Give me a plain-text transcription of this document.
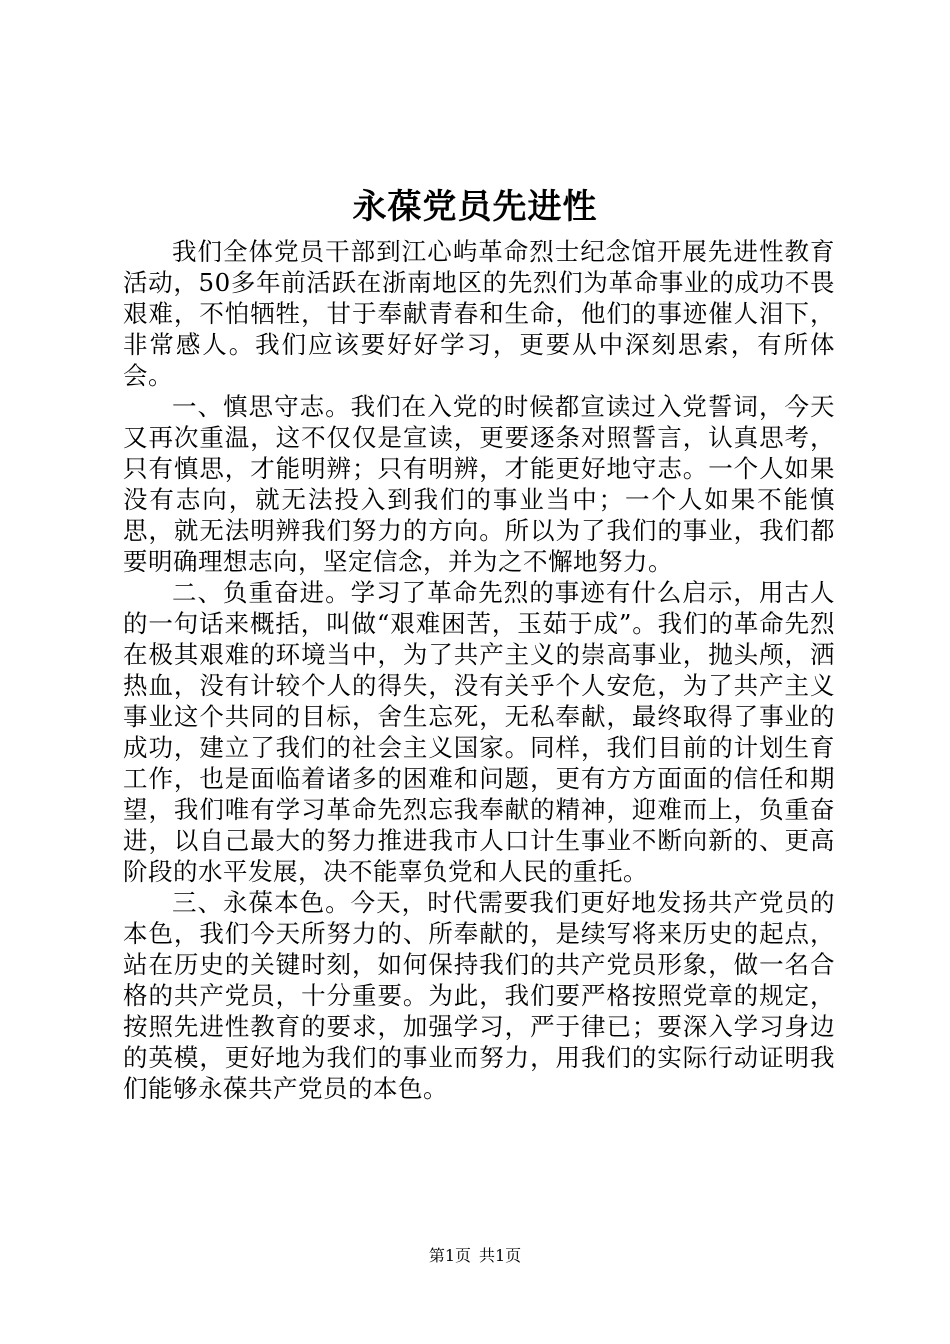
永葆党员先进性

我们全体党员干部到江心屿革命烈士纪念馆开展先进性教育活动，50多年前活跃在浙南地区的先烈们为革命事业的成功不畏艰难，不怕牺牲，甘于奉献青春和生命，他们的事迹催人泪下，非常感人。我们应该要好好学习，更要从中深刻思索，有所体会。

一、慎思守志。我们在入党的时候都宣读过入党誓词，今天又再次重温，这不仅仅是宣读，更要逐条对照誓言，认真思考，只有慎思，才能明辨；只有明辨，才能更好地守志。一个人如果没有志向，就无法投入到我们的事业当中；一个人如果不能慎思，就无法明辨我们努力的方向。所以为了我们的事业，我们都要明确理想志向，坚定信念，并为之不懈地努力。

二、负重奋进。学习了革命先烈的事迹有什么启示，用古人的一句话来概括，叫做“艰难困苦，玉茹于成”。我们的革命先烈在极其艰难的环境当中，为了共产主义的崇高事业，抛头颅，洒热血，没有计较个人的得失，没有关乎个人安危，为了共产主义事业这个共同的目标，舍生忘死，无私奉献，最终取得了事业的成功，建立了我们的社会主义国家。同样，我们目前的计划生育工作，也是面临着诸多的困难和问题，更有方方面面的信任和期望，我们唯有学习革命先烈忘我奉献的精神，迎难而上，负重奋进，以自己最大的努力推进我市人口计生事业不断向新的、更高阶段的水平发展，决不能辜负党和人民的重托。

三、永葆本色。今天，时代需要我们更好地发扬共产党员的本色，我们今天所努力的、所奉献的，是续写将来历史的起点，站在历史的关键时刻，如何保持我们的共产党员形象，做一名合格的共产党员，十分重要。为此，我们要严格按照党章的规定，按照先进性教育的要求，加强学习，严于律已；要深入学习身边的英模，更好地为我们的事业而努力，用我们的实际行动证明我们能够永葆共产党员的本色。

第1页 共1页
